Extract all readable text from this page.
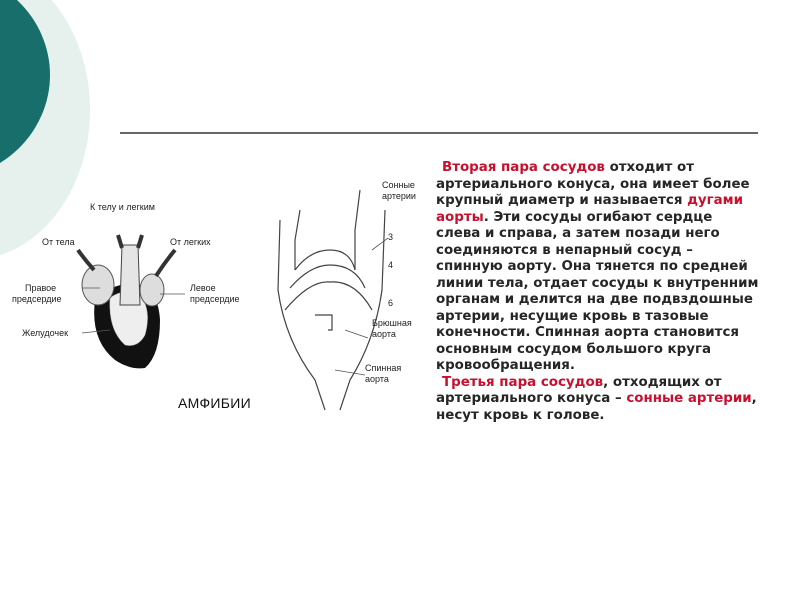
К телу и легким
От тела	От легких
Правое
предсердие
Левое
предсердие
Желудочек
Сонные
артерии
3
4
6
Брюшная
аорта
Спинная
аорта
АМФИБИИ

Вторая пара сосудов отходит от артериального конуса, она имеет более крупный диаметр и называется дугами аорты. Эти сосуды огибают сердце слева и справа, а затем позади него соединяются в непарный сосуд – спинную аорту. Она тянется по средней линии тела, отдает сосуды к внутренним органам и делится на две подвздошные артерии, несущие кровь в тазовые конечности. Спинная аорта становится основным сосудом большого круга кровообращения.

Третья пара сосудов, отходящих от артериального конуса – сонные артерии, несут кровь к голове.
